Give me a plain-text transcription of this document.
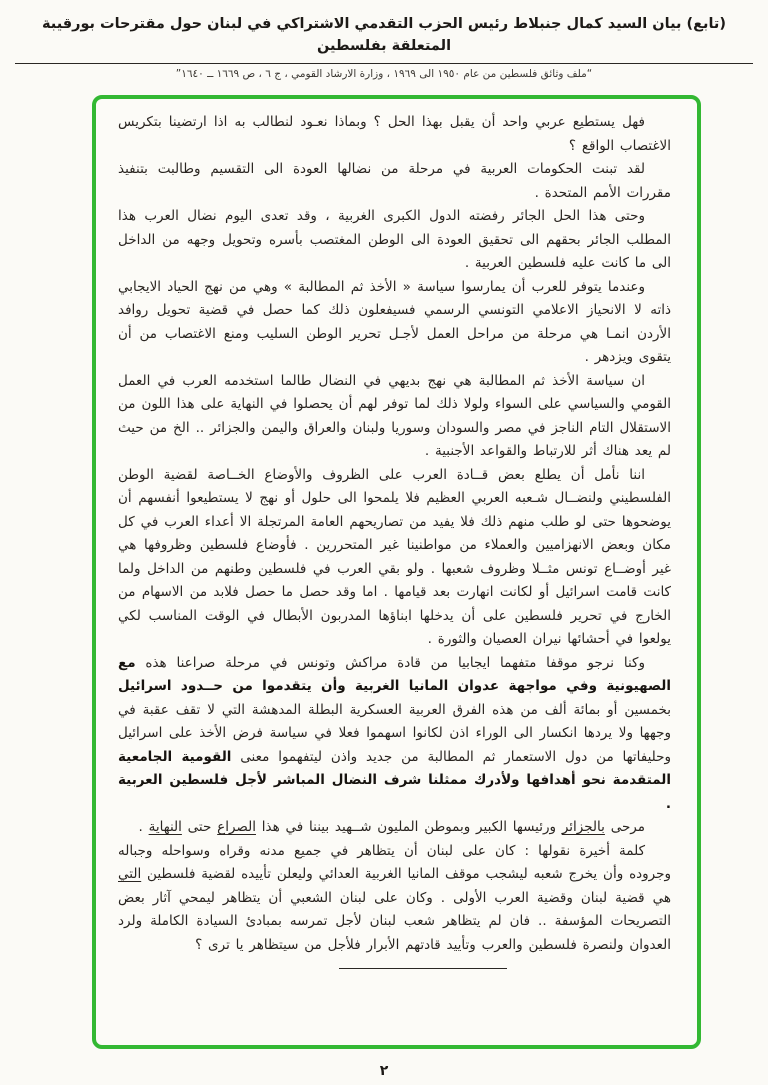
(تابع) بيان السيد كمال جنبلاط رئيس الحزب التقدمي الاشتراكي في لبنان حول مقترحات بورقيبة المتعلقة بفلسطين
“ملف وثائق فلسطين من عام ١٩٥٠ الى ١٩٦٩ ، وزارة الارشاد القومي ، ج ٦ ، ص ١٦٦٩ ــ ١٦٤٠”

فهل يستطيع عربي واحد أن يقبل بهذا الحل ؟ وبماذا نعـود لنطالب به اذا ارتضينا بتكريس الاغتصاب الواقع ؟

لقد تبنت الحكومات العربية في مرحلة من نضالها العودة الى التقسيم وطالبت بتنفيذ مقررات الأمم المتحدة .

وحتى هذا الحل الجائر رفضته الدول الكبرى الغربية ، وقد تعدى اليوم نضال العرب هذا المطلب الجائر بحقهم الى تحقيق العودة الى الوطن المغتصب بأسره وتحويل وجهه من الداخل الى ما كانت عليه فلسطين العربية .

وعندما يتوفر للعرب أن يمارسوا سياسة « الأخذ ثم المطالبة » وهي من نهج الحياد الايجابي ذاته لا الانحياز الاعلامي التونسي الرسمي فسيفعلون ذلك كما حصل في قضية تحويل روافد الأردن انمـا هي مرحلة من مراحل العمل لأجـل تحرير الوطن السليب ومنع الاغتصاب من أن يتقوى ويزدهر .

ان سياسة الأخذ ثم المطالبة هي نهج بديهي في النضال طالما استخدمه العرب في العمل القومي والسياسي على السواء ولولا ذلك لما توفر لهم أن يحصلوا في النهاية على هذا اللون من الاستقلال التام الناجز في مصر والسودان وسوريا ولبنان والعراق واليمن والجزائر .. الخ من حيث لم يعد هناك أثر للارتباط والقواعد الأجنبية .

اننا نأمل أن يطلع بعض قــادة العرب على الظروف والأوضاع الخــاصة لقضية الوطن الفلسطيني ولنضــال شـعبه العربي العظيم فلا يلمحوا الى حلول أو نهج لا يستطيعوا أنفسهم أن يوضحوها حتى لو طلب منهم ذلك فلا يفيد من تصاريحهم العامة المرتجلة الا أعداء العرب في كل مكان وبعض الانهزاميين والعملاء من مواطنينا غير المتحررين . فأوضاع فلسطين وظروفها هي غير أوضــاع تونس مثــلا وظروف شعبها . ولو بقي العرب في فلسطين وطنهم من الداخل ولما كانت قامت اسرائيل أو لكانت انهارت بعد قيامها . اما وقد حصل ما حصل فلابد من الاسهام من الخارج في تحرير فلسطين على أن يدخلها ابناؤها المدربون الأبطال في الوقت المناسب لكي يولعوا في أحشائها نيران العصيان والثورة .

وكنا نرجو موقفا متفهما ايجابيا من قادة مراكش وتونس في مرحلة صراعنا هذه مع الصهيونية وفي مواجهة عدوان المانيا الغربية وأن يتقدموا من حــدود اسرائيل بخمسين أو بمائة ألف من هذه الفرق العربية العسكرية البطلة المدهشة التي لا تقف عقبة في وجهها ولا يردها انكسار الى الوراء اذن لكانوا اسهموا فعلا في سياسة فرض الأخذ على اسرائيل وحليفاتها من دول الاستعمار ثم المطالبة من جديد واذن ليتفهموا معنى القومية الجامعية المتقدمة نحو أهدافها ولأدرك ممثلنا شرف النضال المباشر لأجل فلسطين العربية .

مرحى بالجزائر ورئيسها الكبير وبموطن المليون شــهيد بيننا في هذا الصراع حتى النهاية .

كلمة أخيرة نقولها : كان على لبنان أن يتظاهر في جميع مدنه وقراه وسواحله وجباله وجروده وأن يخرج شعبه ليشجب موقف المانيا الغربية العدائي وليعلن تأييده لقضية فلسطين التي هي قضية لبنان وقضية العرب الأولى . وكان على لبنان الشعبي أن يتظاهر ليمحي آثار بعض التصريحات المؤسفة .. فان لم يتظاهر شعب لبنان لأجل تمرسه بمبادئ السيادة الكاملة ولرد العدوان ولنصرة فلسطين والعرب وتأييد قادتهم الأبرار فلأجل من سيتظاهر يا ترى ؟

٢
